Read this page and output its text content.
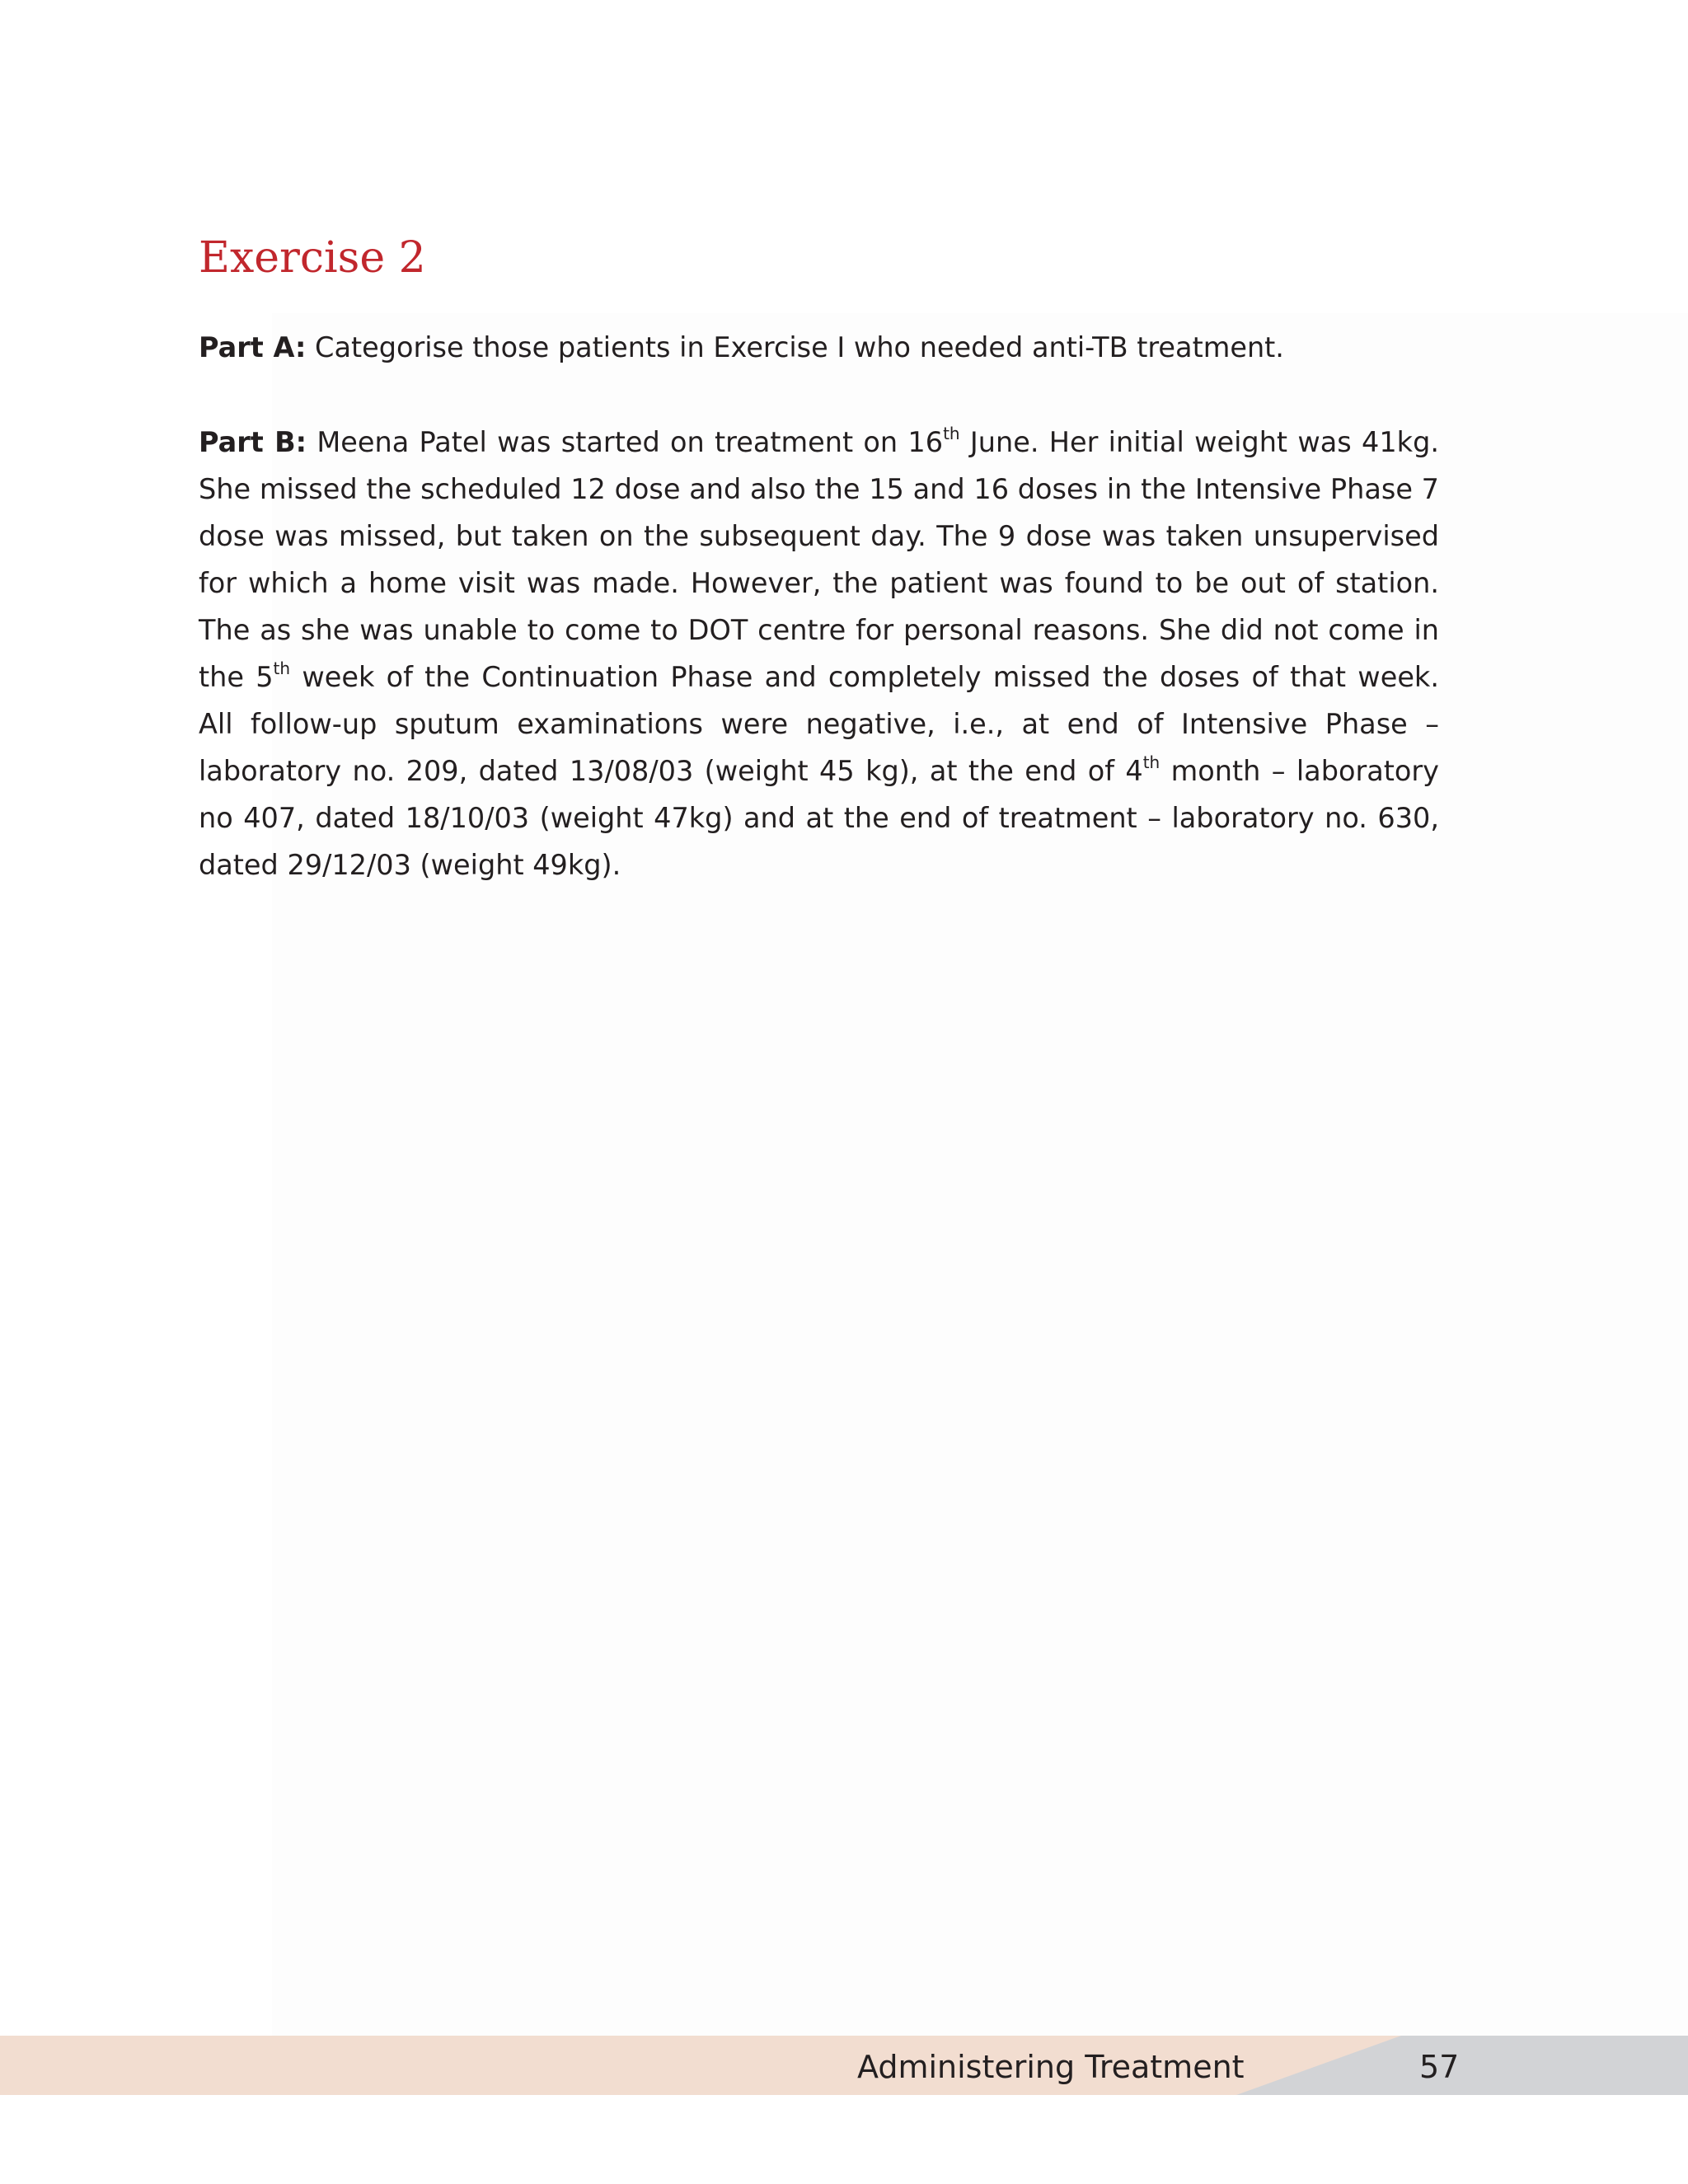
Exercise 2

Part A: Categorise those patients in Exercise I who needed anti-TB treatment.

Part B: Meena Patel was started on treatment on 16th June. Her initial weight was 41kg. She missed the scheduled 12 dose and also the 15 and 16 doses in the Intensive Phase 7 dose was missed, but taken on the subsequent day. The 9 dose was taken unsupervised for which a home visit was made. However, the patient was found to be out of station. The as she was unable to come to DOT centre for personal reasons. She did not come in the 5th week of the Continuation Phase and completely missed the doses of that week. All follow-up sputum examinations were negative, i.e., at end of Intensive Phase – laboratory no. 209, dated 13/08/03 (weight 45 kg), at the end of 4th month – laboratory no 407, dated 18/10/03 (weight 47kg) and at the end of treatment – laboratory no. 630, dated 29/12/03 (weight 49kg).

Administering Treatment	57
